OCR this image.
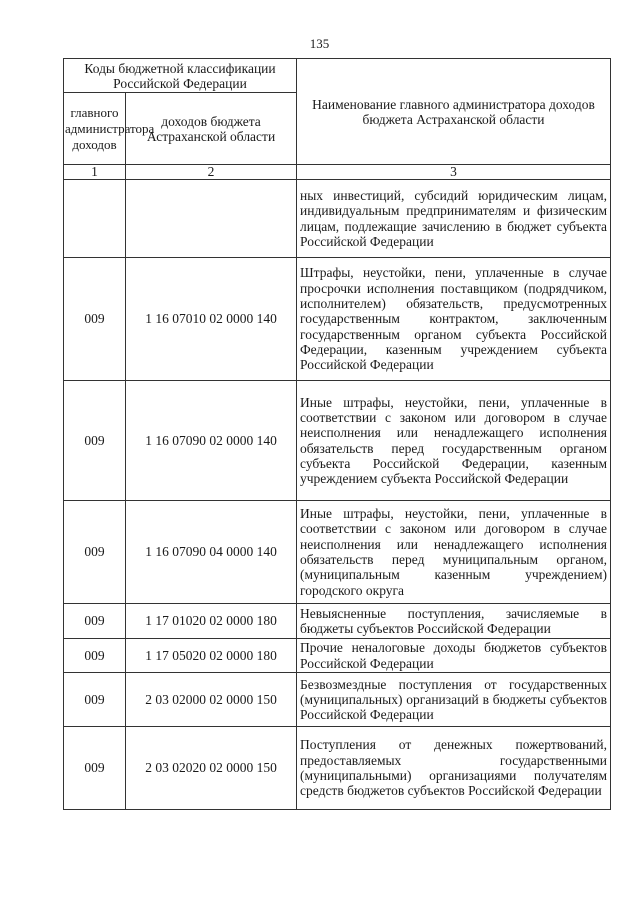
135
Коды бюджетной классификации Российской Федерации		Наименование главного администратора доходов бюджета Астраханской области
главного администратора доходов	доходов бюджета Астраханской области	
1	2	3
		ных инвестиций, субсидий юридическим лицам, индивидуальным предпринимателям и физическим лицам, подлежащие зачислению в бюджет субъекта Российской Федерации
009	1 16 07010 02 0000 140	Штрафы, неустойки, пени, уплаченные в случае просрочки исполнения поставщиком (подрядчиком, исполнителем) обязательств, предусмотренных государственным контрактом, заключенным государственным органом субъекта Российской Федерации, казенным учреждением субъекта Российской Федерации
009	1 16 07090 02 0000 140	Иные штрафы, неустойки, пени, уплаченные в соответствии с законом или договором в случае неисполнения или ненадлежащего исполнения обязательств перед государственным органом субъекта Российской Федерации, казенным учреждением субъекта Российской Федерации
009	1 16 07090 04 0000 140	Иные штрафы, неустойки, пени, уплаченные в соответствии с законом или договором в случае неисполнения или ненадлежащего исполнения обязательств перед муниципальным органом, (муниципальным казенным учреждением) городского округа
009	1 17 01020 02 0000 180	Невыясненные поступления, зачисляемые в бюджеты субъектов Российской Федерации
009	1 17 05020 02 0000 180	Прочие неналоговые доходы бюджетов субъектов Российской Федерации
009	2 03 02000 02 0000 150	Безвозмездные поступления от государственных (муниципальных) организаций в бюджеты субъектов Российской Федерации
009	2 03 02020 02 0000 150	Поступления от денежных пожертвований, предоставляемых государственными (муниципальными) организациями получателям средств бюджетов субъектов Российской Федерации
